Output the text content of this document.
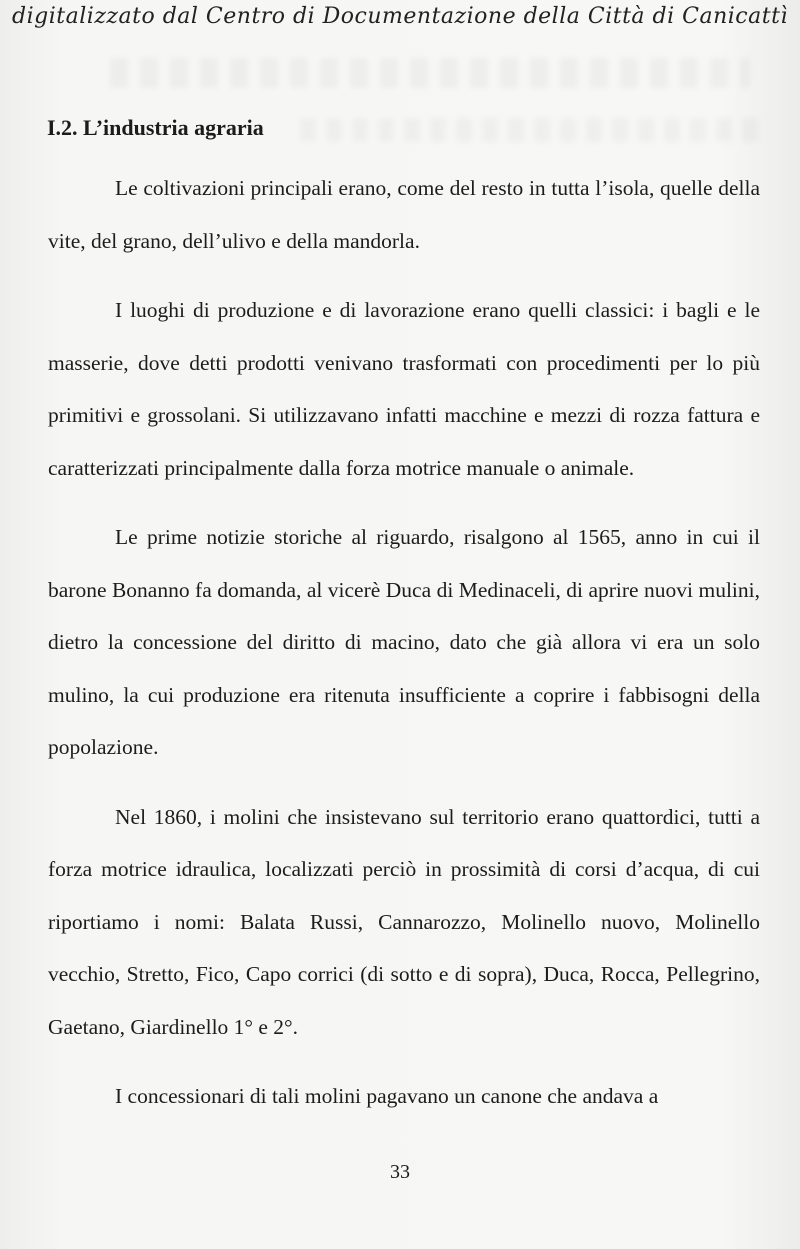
digitalizzato dal Centro di Documentazione della Città di Canicattì
I.2. L’industria agraria

Le coltivazioni principali erano, come del resto in tutta l’isola, quelle della vite, del grano, dell’ulivo e della mandorla.

I luoghi di produzione e di lavorazione erano quelli classici: i bagli e le masserie, dove detti prodotti venivano trasformati con procedimenti per lo più primitivi e grossolani. Si utilizzavano infatti macchine e mezzi di rozza fattura e caratterizzati principalmente dalla forza motrice manuale o animale.

Le prime notizie storiche al riguardo, risalgono al 1565, anno in cui il barone Bonanno fa domanda, al vicerè Duca di Medinaceli, di aprire nuovi mulini, dietro la concessione del diritto di macino, dato che già allora vi era un solo mulino, la cui produzione era ritenuta insufficiente a coprire i fabbisogni della popolazione.

Nel 1860, i molini che insistevano sul territorio erano quattordici, tutti a forza motrice idraulica, localizzati perciò in prossimità di corsi d’acqua, di cui riportiamo i nomi: Balata Russi, Cannarozzo, Molinello nuovo, Molinello vecchio, Stretto, Fico, Capo corrici (di sotto e di sopra), Duca, Rocca, Pellegrino, Gaetano, Giardinello 1° e 2°.

I concessionari di tali molini pagavano un canone che andava a

33
